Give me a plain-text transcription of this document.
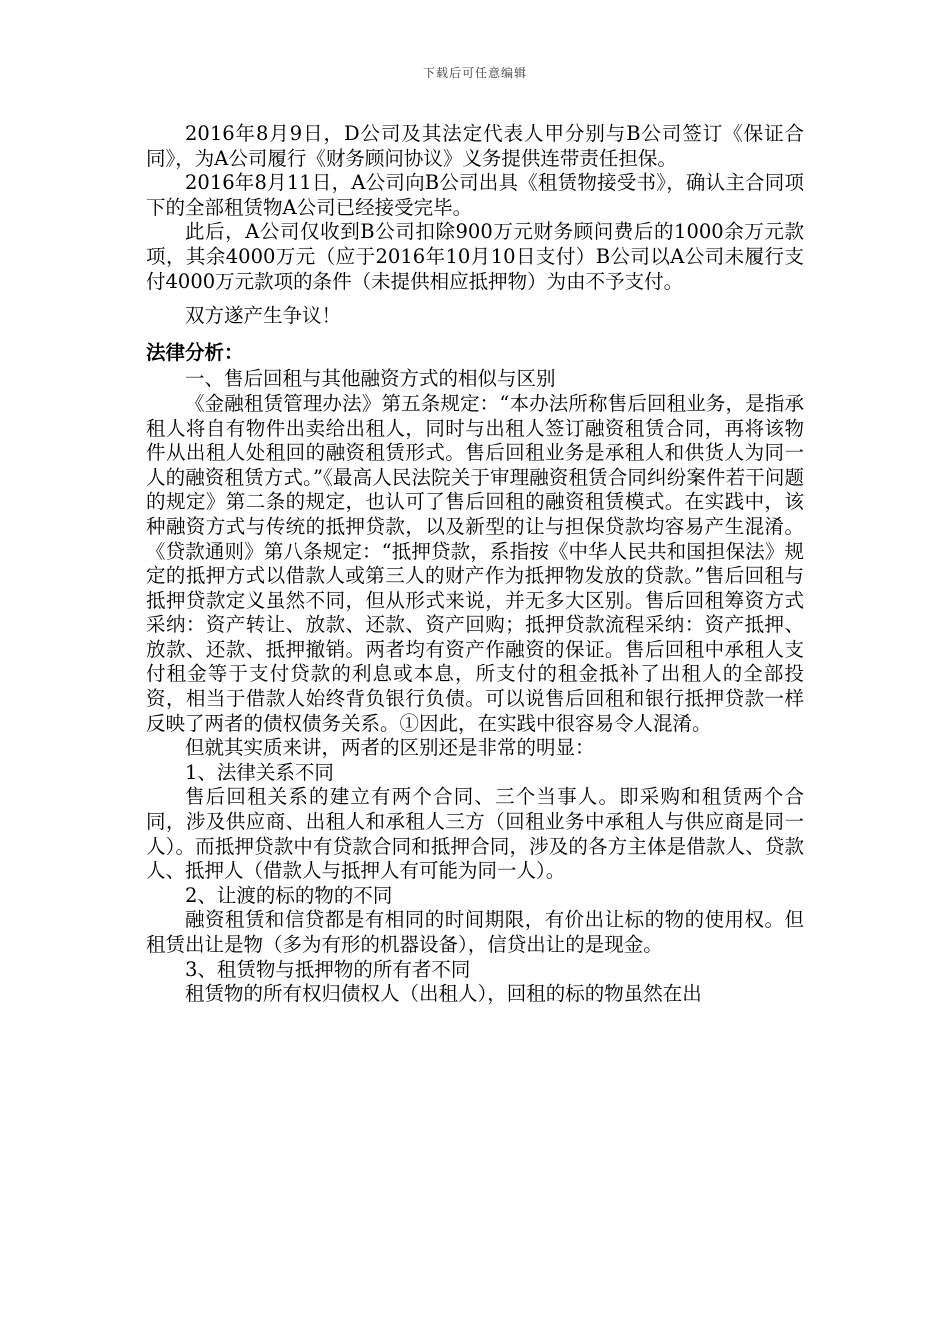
下载后可任意编辑

2016年8月9日，D公司及其法定代表人甲分别与B公司签订《保证合同》，为A公司履行《财务顾问协议》义务提供连带责任担保。

2016年8月11日，A公司向B公司出具《租赁物接受书》，确认主合同项下的全部租赁物A公司已经接受完毕。

此后，A公司仅收到B公司扣除900万元财务顾问费后的1000余万元款项，其余4000万元（应于2016年10月10日支付）B公司以A公司未履行支付4000万元款项的条件（未提供相应抵押物）为由不予支付。

双方遂产生争议！

法律分析：

一、售后回租与其他融资方式的相似与区别

《金融租赁管理办法》第五条规定：“本办法所称售后回租业务，是指承租人将自有物件出卖给出租人，同时与出租人签订融资租赁合同，再将该物件从出租人处租回的融资租赁形式。售后回租业务是承租人和供货人为同一人的融资租赁方式。”《最高人民法院关于审理融资租赁合同纠纷案件若干问题的规定》第二条的规定，也认可了售后回租的融资租赁模式。在实践中，该种融资方式与传统的抵押贷款，以及新型的让与担保贷款均容易产生混淆。《贷款通则》第八条规定：“抵押贷款，系指按《中华人民共和国担保法》规定的抵押方式以借款人或第三人的财产作为抵押物发放的贷款。”售后回租与抵押贷款定义虽然不同，但从形式来说，并无多大区别。售后回租筹资方式采纳：资产转让、放款、还款、资产回购；抵押贷款流程采纳：资产抵押、放款、还款、抵押撤销。两者均有资产作融资的保证。售后回租中承租人支付租金等于支付贷款的利息或本息，所支付的租金抵补了出租人的全部投资，相当于借款人始终背负银行负债。可以说售后回租和银行抵押贷款一样反映了两者的债权债务关系。①因此，在实践中很容易令人混淆。

但就其实质来讲，两者的区别还是非常的明显：

1、法律关系不同

售后回租关系的建立有两个合同、三个当事人。即采购和租赁两个合同，涉及供应商、出租人和承租人三方（回租业务中承租人与供应商是同一人）。而抵押贷款中有贷款合同和抵押合同，涉及的各方主体是借款人、贷款人、抵押人（借款人与抵押人有可能为同一人）。

2、让渡的标的物的不同

融资租赁和信贷都是有相同的时间期限，有价出让标的物的使用权。但租赁出让是物（多为有形的机器设备），信贷出让的是现金。

3、租赁物与抵押物的所有者不同

租赁物的所有权归债权人（出租人），回租的标的物虽然在出
